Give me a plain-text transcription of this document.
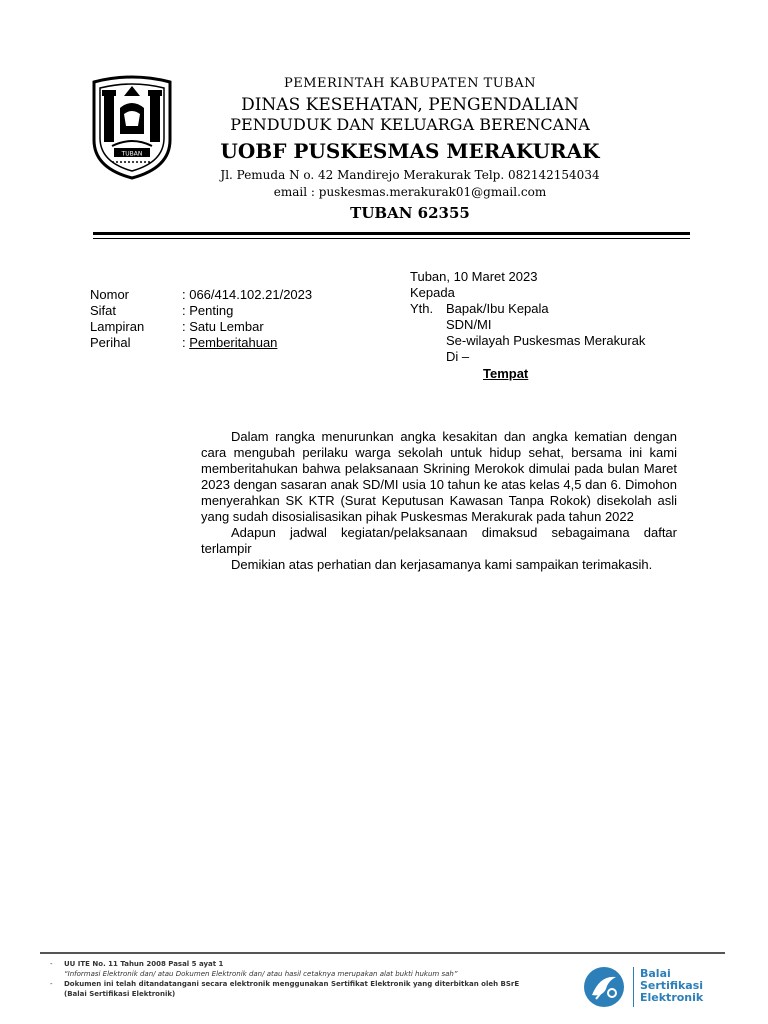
TUBAN
PEMERINTAH KABUPATEN TUBAN
DINAS KESEHATAN, PENGENDALIAN
PENDUDUK DAN KELUARGA BERENCANA
UOBF PUSKESMAS MERAKURAK
Jl. Pemuda N o. 42 Mandirejo Merakurak Telp. 082142154034
email : puskesmas.merakurak01@gmail.com
TUBAN 62355
Nomor	: 066/414.102.21/2023
Sifat	: Penting
Lampiran	: Satu Lembar
Perihal	: Pemberitahuan
Tuban, 10 Maret 2023
Kepada
Yth. Bapak/Ibu Kepala
SDN/MI
Se-wilayah Puskesmas Merakurak
Di –
Tempat

Dalam rangka menurunkan angka kesakitan dan angka kematian dengan cara mengubah perilaku warga sekolah untuk hidup sehat, bersama ini kami memberitahukan bahwa pelaksanaan Skrining Merokok dimulai pada bulan Maret 2023 dengan sasaran anak SD/MI usia 10 tahun ke atas kelas 4,5 dan 6. Dimohon menyerahkan SK KTR (Surat Keputusan Kawasan Tanpa Rokok) disekolah asli yang sudah disosialisasikan pihak Puskesmas Merakurak pada tahun 2022

Adapun jadwal kegiatan/pelaksanaan dimaksud sebagaimana daftar terlampir

Demikian atas perhatian dan kerjasamanya kami sampaikan terimakasih.

-	UU ITE No. 11 Tahun 2008 Pasal 5 ayat 1
“Informasi Elektronik dan/ atau Dokumen Elektronik dan/ atau hasil cetaknya merupakan alat bukti hukum sah”
-	Dokumen ini telah ditandatangani secara elektronik menggunakan Sertifikat Elektronik yang diterbitkan oleh BSrE
(Balai Sertifikasi Elektronik)
Balai
Sertifikasi
Elektronik
